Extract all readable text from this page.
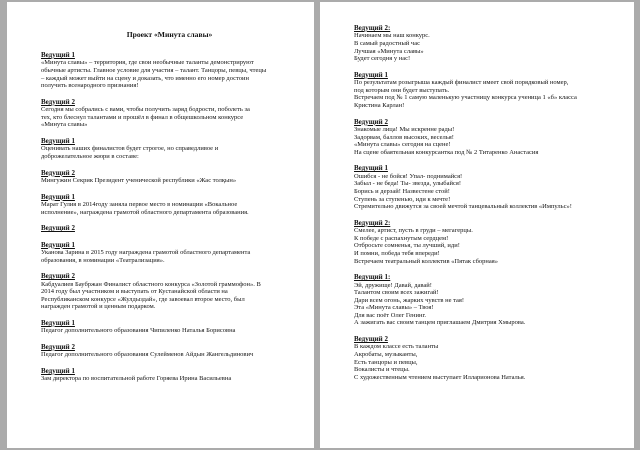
Проект «Минута славы»
Ведущий 1
«Минута славы» – территория, где свои необычные таланты демонстрируют
обычные артисты. Главное условие для участия – талант. Танцоры, певцы, чтецы
– каждый может выйти на сцену и доказать, что именно его номер достоин
получить всенародного признания!
Ведущий 2
Сегодня мы собрались с вами, чтобы получить заряд бодрости, поболеть за
тех, кто блеснул талантами и прошёл в финал в общешкольном конкурсе
«Минута славы»
Ведущий 1
Оценивать наших финалистов будет строгое, но справедливое и
доброжелательное жюри в составе:
Ведущий 2
Мингужин Секрик Президент ученической республики «Жас толқын»
Ведущий 1
Марат Гулия в 2014году заняла первое место в номинации «Вокальное
исполнение», награждена грамотой областного департамента образования.
Ведущий 2
Ведущий 1
Уканова Зарина в 2015 году награждена грамотой областного департамента
образования, в номинации «Театрализация».
Ведущий 2
Кабдуалиев Баубржан Финалист областного конкурса «Золотой граммофон». В
2014 году был участником и выступать от Кустанайской области на
Республиканском конкурсе «Жулдыздай», где завоевал второе место, был
награжден грамотой и ценным подарком.
Ведущий 1
Педагог дополнительного образования Чипиленко Наталья Борисовна
Ведущий 2
Педагог дополнительного образования Сулейменов Айдын Жангельдинович
Ведущий 1
Зам директора по воспитательной работе Горяева Ирина Васильевна
Ведущий 2:
Начинаем мы наш конкурс.
В самый радостный час
Лучшая «Минута славы»
Будет сегодня у нас!
Ведущий 1
По результатам розыгрыша каждый финалист имеет свой порядковый номер,
под которым они будет выступать.
Встречаем под № 1 самую маленькую участницу конкурса ученица 1 «б» класса
Кристина Карлан!
Ведущий 2
Знакомые лица! Мы искренне рады!
Задорвам, баллов высоких, веселья!
«Минута славы» сегодня на сцене!
На сцене обаятельная конкурсантка под № 2 Титаренко Анастасия
Ведущий 1
Ошибся - не бойся! Упал- поднимайся!
Забыл - не беда! Ты- звезда, улыбайся!
Борись и дерзай! Назвестене стой!
Ступень за ступенью, иди к мечте!
Стремительно движутся за своей мечтой танцевальный коллектив «Импульс»!
Ведущий 2:
Смелее, артист, пусть в груди – мегагерцы.
К победе с распахнутым сердцем!
Отбросьте сомненья, ты лучший, иди!
И помни, победа тебя впереди!
Встречаем театральный коллектив «Пятак сборная»
Ведущий 1:
Эй, дружище! Давай, давай!
Талантом своим всех зажигай!
Дари всем огонь, жарких чувств не тая!
Эта «Минута славы» – Твоя!
Для вас поёт Олег Генинг.
А зажигать вас своим танцем приглашаем Дмитрия Хмырова.
Ведущий 2
В каждом классе есть таланты
Акробаты, музыканты,
Есть танцоры и певцы,
Вокалисты и чтецы.
С художественным чтением выступает Илларионова Наталья.
